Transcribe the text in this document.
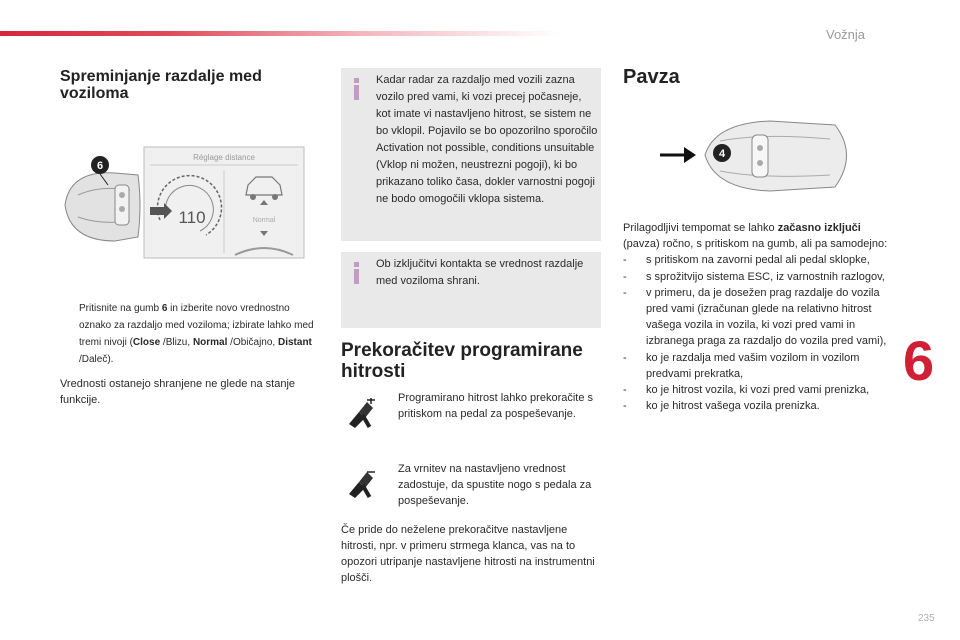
Vožnja
6
235
Spreminjanje razdalje med voziloma
6
Réglage distance
110	Normal
Pritisnite na gumb 6 in izberite novo vrednostno oznako za razdaljo med voziloma; izbirate lahko med tremi nivoji (Close /Blizu, Normal /Običajno, Distant /Daleč).

Vrednosti ostanejo shranjene ne glede na stanje funkcije.

Kadar radar za razdaljo med vozili zazna vozilo pred vami, ki vozi precej počasneje, kot imate vi nastavljeno hitrost, se sistem ne bo vklopil. Pojavilo se bo opozorilno sporočilo Activation not possible, conditions unsuitable (Vklop ni možen, neustrezni pogoji), ki bo prikazano toliko časa, dokler varnostni pogoji ne bodo omogočili vklopa sistema.

Ob izključitvi kontakta se vrednost razdalje med voziloma shrani.

Prekoračitev programirane hitrosti

Programirano hitrost lahko prekoračite s pritiskom na pedal za pospeševanje.

Za vrnitev na nastavljeno vrednost zadostuje, da spustite nogo s pedala za pospeševanje.

Če pride do neželene prekoračitve nastavljene hitrosti, npr. v primeru strmega klanca, vas na to opozori utripanje nastavljene hitrosti na instrumentni plošči.

Pavza
4

Prilagodljivi tempomat se lahko začasno izključi (pavza) ročno, s pritiskom na gumb, ali pa samodejno:

-	s pritiskom na zavorni pedal ali pedal sklopke,
-	s sprožitvijo sistema ESC, iz varnostnih razlogov,
-	v primeru, da je dosežen prag razdalje do vozila pred vami (izračunan glede na relativno hitrost vašega vozila in vozila, ki vozi pred vami in izbranega praga za razdaljo do vozila pred vami),
-	ko je razdalja med vašim vozilom in vozilom predvami prekratka,
-	ko je hitrost vozila, ki vozi pred vami prenizka,
-	ko je hitrost vašega vozila prenizka.
